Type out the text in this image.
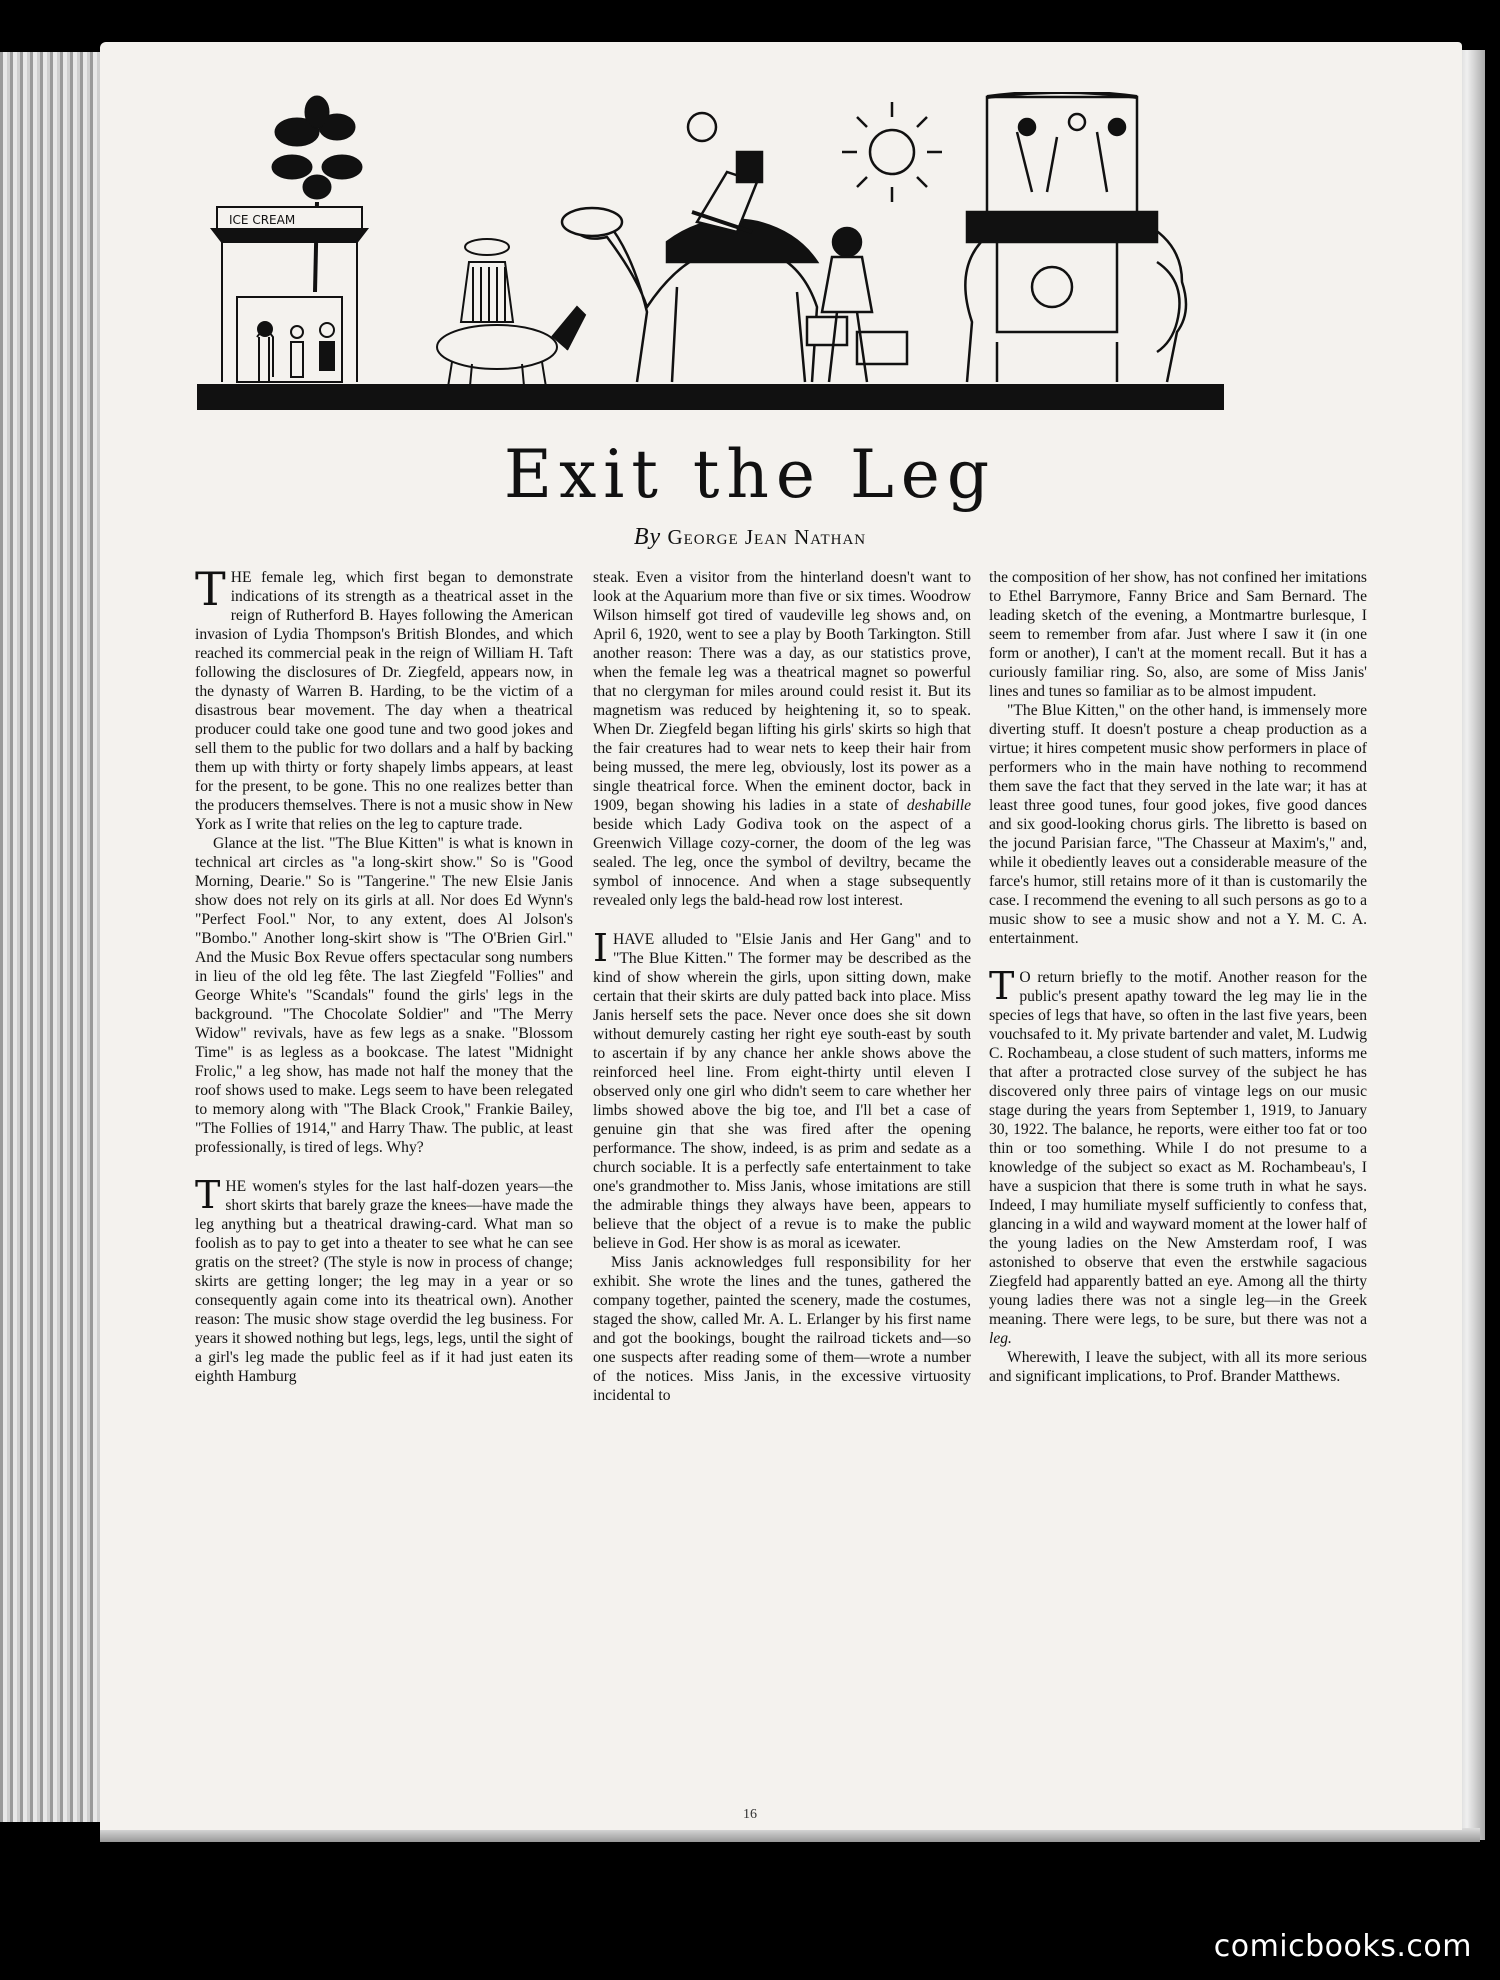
ICE CREAM
Exit the Leg
By George Jean Nathan

THE female leg, which first began to demonstrate indications of its strength as a theatrical asset in the reign of Rutherford B. Hayes following the American invasion of Lydia Thompson's British Blondes, and which reached its commercial peak in the reign of William H. Taft following the disclosures of Dr. Ziegfeld, appears now, in the dynasty of Warren B. Harding, to be the victim of a disastrous bear movement. The day when a theatrical producer could take one good tune and two good jokes and sell them to the public for two dollars and a half by backing them up with thirty or forty shapely limbs appears, at least for the present, to be gone. This no one realizes better than the producers themselves. There is not a music show in New York as I write that relies on the leg to capture trade.

Glance at the list. "The Blue Kitten" is what is known in technical art circles as "a long-skirt show." So is "Good Morning, Dearie." So is "Tangerine." The new Elsie Janis show does not rely on its girls at all. Nor does Ed Wynn's "Perfect Fool." Nor, to any extent, does Al Jolson's "Bombo." Another long-skirt show is "The O'Brien Girl." And the Music Box Revue offers spectacular song numbers in lieu of the old leg fête. The last Ziegfeld "Follies" and George White's "Scandals" found the girls' legs in the background. "The Chocolate Soldier" and "The Merry Widow" revivals, have as few legs as a snake. "Blossom Time" is as legless as a bookcase. The latest "Midnight Frolic," a leg show, has made not half the money that the roof shows used to make. Legs seem to have been relegated to memory along with "The Black Crook," Frankie Bailey, "The Follies of 1914," and Harry Thaw. The public, at least professionally, is tired of legs. Why?

THE women's styles for the last half-dozen years—the short skirts that barely graze the knees—have made the leg anything but a theatrical drawing-card. What man so foolish as to pay to get into a theater to see what he can see gratis on the street? (The style is now in process of change; skirts are getting longer; the leg may in a year or so consequently again come into its theatrical own). Another reason: The music show stage overdid the leg business. For years it showed nothing but legs, legs, legs, until the sight of a girl's leg made the public feel as if it had just eaten its eighth Hamburg

steak. Even a visitor from the hinterland doesn't want to look at the Aquarium more than five or six times. Woodrow Wilson himself got tired of vaudeville leg shows and, on April 6, 1920, went to see a play by Booth Tarkington. Still another reason: There was a day, as our statistics prove, when the female leg was a theatrical magnet so powerful that no clergyman for miles around could resist it. But its magnetism was reduced by heightening it, so to speak. When Dr. Ziegfeld began lifting his girls' skirts so high that the fair creatures had to wear nets to keep their hair from being mussed, the mere leg, obviously, lost its power as a single theatrical force. When the eminent doctor, back in 1909, began showing his ladies in a state of deshabille beside which Lady Godiva took on the aspect of a Greenwich Village cozy-corner, the doom of the leg was sealed. The leg, once the symbol of deviltry, became the symbol of innocence. And when a stage subsequently revealed only legs the bald-head row lost interest.

IHAVE alluded to "Elsie Janis and Her Gang" and to "The Blue Kitten." The former may be described as the kind of show wherein the girls, upon sitting down, make certain that their skirts are duly patted back into place. Miss Janis herself sets the pace. Never once does she sit down without demurely casting her right eye south-east by south to ascertain if by any chance her ankle shows above the reinforced heel line. From eight-thirty until eleven I observed only one girl who didn't seem to care whether her limbs showed above the big toe, and I'll bet a case of genuine gin that she was fired after the opening performance. The show, indeed, is as prim and sedate as a church sociable. It is a perfectly safe entertainment to take one's grandmother to. Miss Janis, whose imitations are still the admirable things they always have been, appears to believe that the object of a revue is to make the public believe in God. Her show is as moral as icewater.

Miss Janis acknowledges full responsibility for her exhibit. She wrote the lines and the tunes, gathered the company together, painted the scenery, made the costumes, staged the show, called Mr. A. L. Erlanger by his first name and got the bookings, bought the railroad tickets and—so one suspects after reading some of them—wrote a number of the notices. Miss Janis, in the excessive virtuosity incidental to

the composition of her show, has not confined her imitations to Ethel Barrymore, Fanny Brice and Sam Bernard. The leading sketch of the evening, a Montmartre burlesque, I seem to remember from afar. Just where I saw it (in one form or another), I can't at the moment recall. But it has a curiously familiar ring. So, also, are some of Miss Janis' lines and tunes so familiar as to be almost impudent.

"The Blue Kitten," on the other hand, is immensely more diverting stuff. It doesn't posture a cheap production as a virtue; it hires competent music show performers in place of performers who in the main have nothing to recommend them save the fact that they served in the late war; it has at least three good tunes, four good jokes, five good dances and six good-looking chorus girls. The libretto is based on the jocund Parisian farce, "The Chasseur at Maxim's," and, while it obediently leaves out a considerable measure of the farce's humor, still retains more of it than is customarily the case. I recommend the evening to all such persons as go to a music show to see a music show and not a Y. M. C. A. entertainment.

T O return briefly to the motif. Another reason for the public's present apathy toward the leg may lie in the species of legs that have, so often in the last five years, been vouchsafed to it. My private bartender and valet, M. Ludwig C. Rochambeau, a close student of such matters, informs me that after a protracted close survey of the subject he has discovered only three pairs of vintage legs on our music stage during the years from September 1, 1919, to January 30, 1922. The balance, he reports, were either too fat or too thin or too something. While I do not presume to a knowledge of the subject so exact as M. Rochambeau's, I have a suspicion that there is some truth in what he says. Indeed, I may humiliate myself sufficiently to confess that, glancing in a wild and wayward moment at the lower half of the young ladies on the New Amsterdam roof, I was astonished to observe that even the erstwhile sagacious Ziegfeld had apparently batted an eye. Among all the thirty young ladies there was not a single leg—in the Greek meaning. There were legs, to be sure, but there was not a leg.

Wherewith, I leave the subject, with all its more serious and significant implications, to Prof. Brander Matthews.

16
comicbooks.com
